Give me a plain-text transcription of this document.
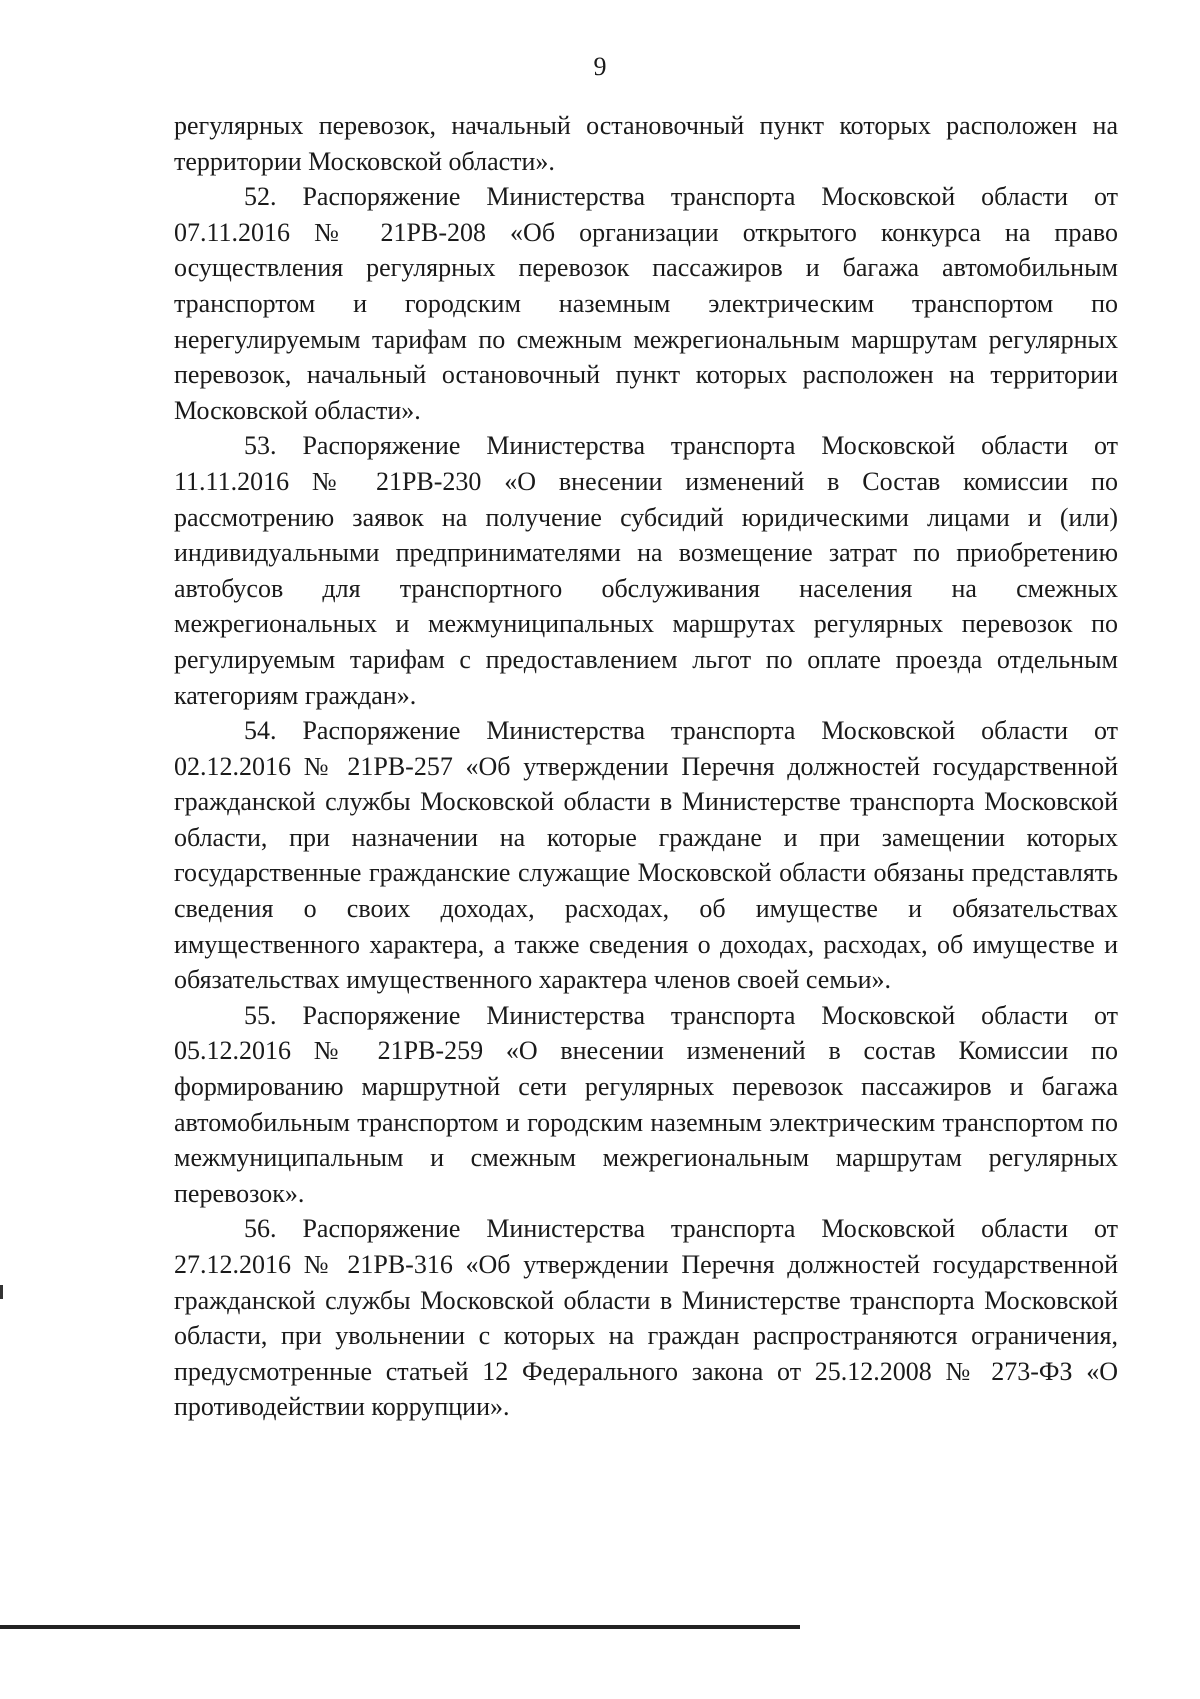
9

регулярных перевозок, начальный остановочный пункт которых расположен на территории Московской области».

52. Распоряжение Министерства транспорта Московской области от 07.11.2016 № 21РВ-208 «Об организации открытого конкурса на право осуществления регулярных перевозок пассажиров и багажа автомобильным транспортом и городским наземным электрическим транспортом по нерегулируемым тарифам по смежным межрегиональным маршрутам регулярных перевозок, начальный остановочный пункт которых расположен на территории Московской области».

53. Распоряжение Министерства транспорта Московской области от 11.11.2016 № 21РВ-230 «О внесении изменений в Состав комиссии по рассмотрению заявок на получение субсидий юридическими лицами и (или) индивидуальными предпринимателями на возмещение затрат по приобретению автобусов для транспортного обслуживания населения на смежных межрегиональных и межмуниципальных маршрутах регулярных перевозок по регулируемым тарифам с предоставлением льгот по оплате проезда отдельным категориям граждан».

54. Распоряжение Министерства транспорта Московской области от 02.12.2016 № 21РВ-257 «Об утверждении Перечня должностей государственной гражданской службы Московской области в Министерстве транспорта Московской области, при назначении на которые граждане и при замещении которых государственные гражданские служащие Московской области обязаны представлять сведения о своих доходах, расходах, об имуществе и обязательствах имущественного характера, а также сведения о доходах, расходах, об имуществе и обязательствах имущественного характера членов своей семьи».

55. Распоряжение Министерства транспорта Московской области от 05.12.2016 № 21РВ-259 «О внесении изменений в состав Комиссии по формированию маршрутной сети регулярных перевозок пассажиров и багажа автомобильным транспортом и городским наземным электрическим транспортом по межмуниципальным и смежным межрегиональным маршрутам регулярных перевозок».

56. Распоряжение Министерства транспорта Московской области от 27.12.2016 № 21РВ-316 «Об утверждении Перечня должностей государственной гражданской службы Московской области в Министерстве транспорта Московской области, при увольнении с которых на граждан распространяются ограничения, предусмотренные статьей 12 Федерального закона от 25.12.2008 № 273-ФЗ «О противодействии коррупции».
